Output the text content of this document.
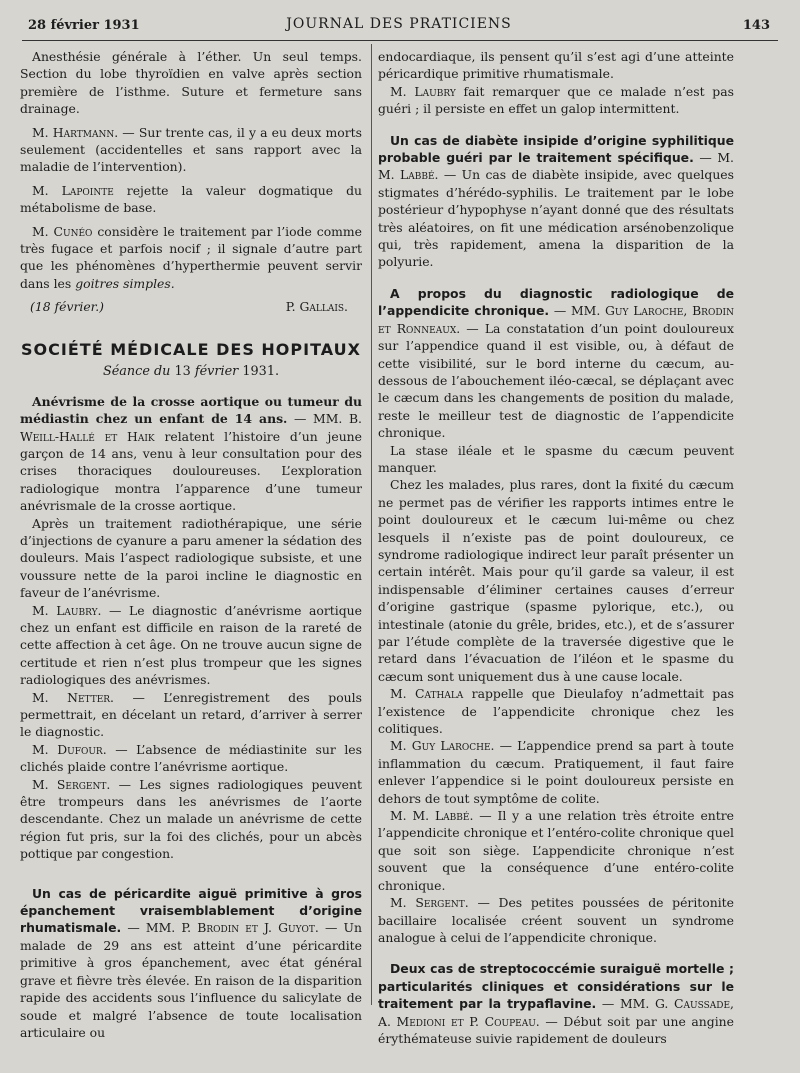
28 février 1931	JOURNAL DES PRATICIENS	143

Anesthésie générale à l’éther. Un seul temps. Section du lobe thyroïdien en valve après section première de l’isthme. Suture et fermeture sans drainage.

M. Hartmann. — Sur trente cas, il y a eu deux morts seulement (accidentelles et sans rapport avec la maladie de l’intervention).

M. Lapointe rejette la valeur dogmatique du métabolisme de base.

M. Cunéo considère le traitement par l’iode comme très fugace et parfois nocif ; il signale d’autre part que les phénomènes d’hyperthermie peuvent servir dans les goitres simples.

(18 février.)	P. Gallais.
SOCIÉTÉ MÉDICALE DES HOPITAUX
Séance du 13 février 1931.

Anévrisme de la crosse aortique ou tumeur du médiastin chez un enfant de 14 ans. — MM. B. Weill-Hallé et Haik relatent l’histoire d’un jeune garçon de 14 ans, venu à leur consultation pour des crises thoraciques douloureuses. L’exploration radiologique montra l’apparence d’une tumeur anévrismale de la crosse aortique.

Après un traitement radiothérapique, une série d’injections de cyanure a paru amener la sédation des douleurs. Mais l’aspect radiologique subsiste, et une voussure nette de la paroi incline le diagnostic en faveur de l’anévrisme.

M. Laubry. — Le diagnostic d’anévrisme aortique chez un enfant est difficile en raison de la rareté de cette affection à cet âge. On ne trouve aucun signe de certitude et rien n’est plus trompeur que les signes radiologiques des anévrismes.

M. Netter. — L’enregistrement des pouls permettrait, en décelant un retard, d’arriver à serrer le diagnostic.

M. Dufour. — L’absence de médiastinite sur les clichés plaide contre l’anévrisme aortique.

M. Sergent. — Les signes radiologiques peuvent être trompeurs dans les anévrismes de l’aorte descendante. Chez un malade un anévrisme de cette région fut pris, sur la foi des clichés, pour un abcès pottique par congestion.

Un cas de péricardite aiguë primitive à gros épanchement vraisemblablement d’origine rhumatismale. — MM. P. Brodin et J. Guyot. — Un malade de 29 ans est atteint d’une péricardite primitive à gros épanchement, avec état général grave et fièvre très élevée. En raison de la disparition rapide des accidents sous l’influence du salicylate de soude et malgré l’absence de toute localisation articulaire ou

endocardiaque, ils pensent qu’il s’est agi d’une atteinte péricardique primitive rhumatismale.

M. Laubry fait remarquer que ce malade n’est pas guéri ; il persiste en effet un galop intermittent.

Un cas de diabète insipide d’origine syphilitique probable guéri par le traitement spécifique. — M. M. Labbé. — Un cas de diabète insipide, avec quelques stigmates d’hérédo-syphilis. Le traitement par le lobe postérieur d’hypophyse n’ayant donné que des résultats très aléatoires, on fit une médication arsénobenzolique qui, très rapidement, amena la disparition de la polyurie.

A propos du diagnostic radiologique de l’appendicite chronique. — MM. Guy Laroche, Brodin et Ronneaux. — La constatation d’un point douloureux sur l’appendice quand il est visible, ou, à défaut de cette visibilité, sur le bord interne du cæcum, au-dessous de l’abouchement iléo-cæcal, se déplaçant avec le cæcum dans les changements de position du malade, reste le meilleur test de diagnostic de l’appendicite chronique.

La stase iléale et le spasme du cæcum peuvent manquer.

Chez les malades, plus rares, dont la fixité du cæcum ne permet pas de vérifier les rapports intimes entre le point douloureux et le cæcum lui-même ou chez lesquels il n’existe pas de point douloureux, ce syndrome radiologique indirect leur paraît présenter un certain intérêt. Mais pour qu’il garde sa valeur, il est indispensable d’éliminer certaines causes d’erreur d’origine gastrique (spasme pylorique, etc.), ou intestinale (atonie du grêle, brides, etc.), et de s’assurer par l’étude complète de la traversée digestive que le retard dans l’évacuation de l’iléon et le spasme du cæcum sont uniquement dus à une cause locale.

M. Cathala rappelle que Dieulafoy n’admettait pas l’existence de l’appendicite chronique chez les colitiques.

M. Guy Laroche. — L’appendice prend sa part à toute inflammation du cæcum. Pratiquement, il faut faire enlever l’appendice si le point douloureux persiste en dehors de tout symptôme de colite.

M. M. Labbé. — Il y a une relation très étroite entre l’appendicite chronique et l’entéro-colite chronique quel que soit son siège. L’appendicite chronique n’est souvent que la conséquence d’une entéro-colite chronique.

M. Sergent. — Des petites poussées de péritonite bacillaire localisée créent souvent un syndrome analogue à celui de l’appendicite chronique.

Deux cas de streptococcémie suraiguë mortelle ; particularités cliniques et considérations sur le traitement par la trypaflavine. — MM. G. Caussade, A. Medioni et P. Coupeau. — Début soit par une angine érythémateuse suivie rapidement de douleurs
